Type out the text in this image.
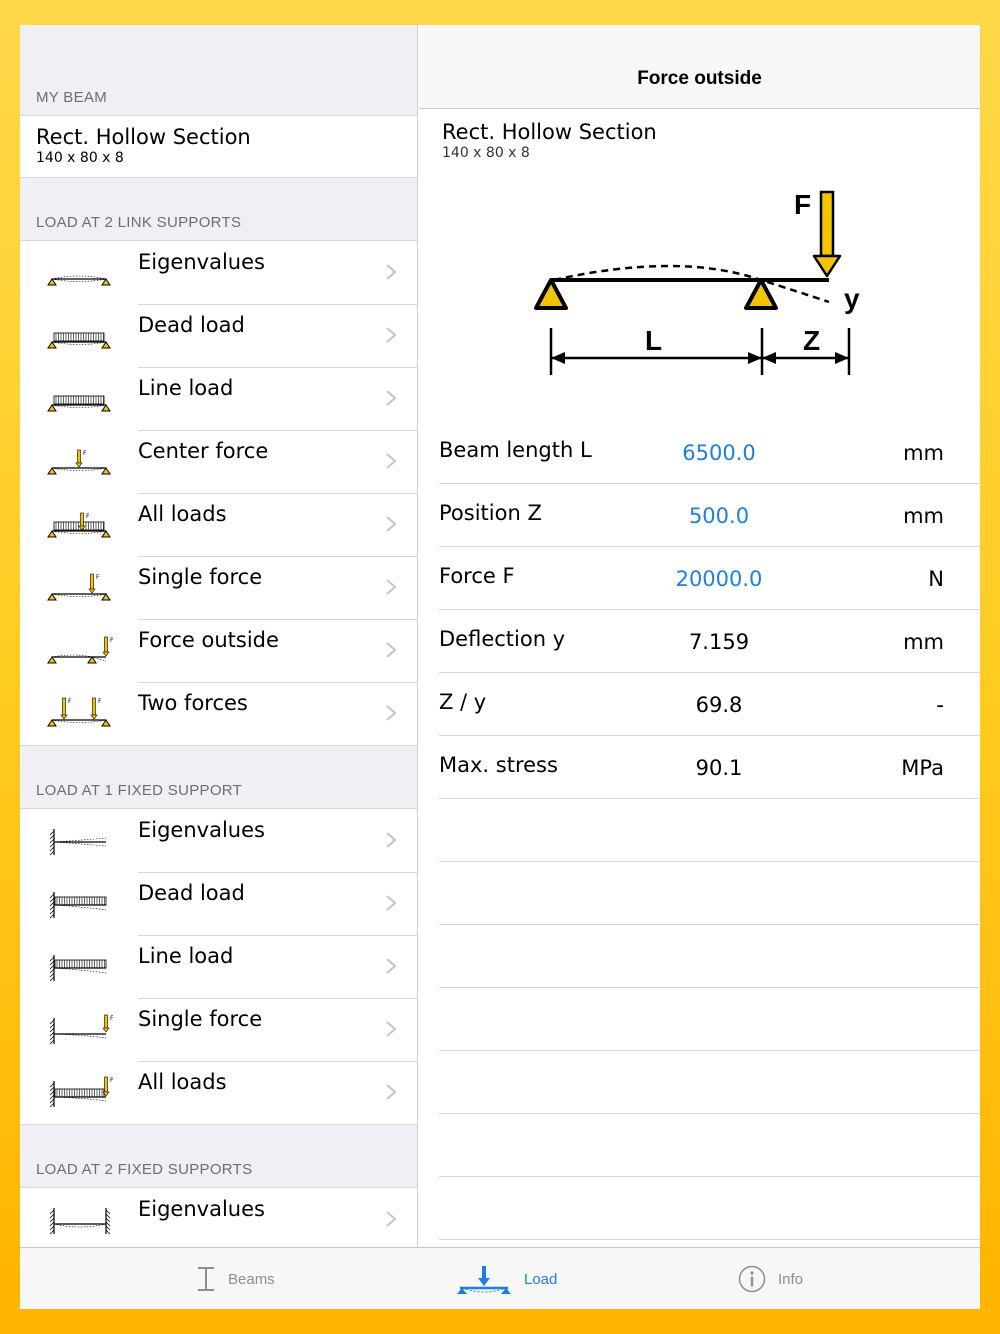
MY BEAM
Rect. Hollow Section
140 x 80 x 8
LOAD AT 2 LINK SUPPORTS
Eigenvalues
Dead load
Line load
F Center force
F All loads
F Single force
F Force outside
F	F Two forces
LOAD AT 1 FIXED SUPPORT
Eigenvalues
Dead load
Line load
F Single force
F All loads
LOAD AT 2 FIXED SUPPORTS
Eigenvalues
Force outside
Rect. Hollow Section
140 x 80 x 8
F
y
L	Z
Beam length L	6500.0	mm
Position Z	500.0	mm
Force F	20000.0	N
Deflection y	7.159	mm
Z / y	69.8	-
Max. stress	90.1	MPa
Beams	Load	Info
